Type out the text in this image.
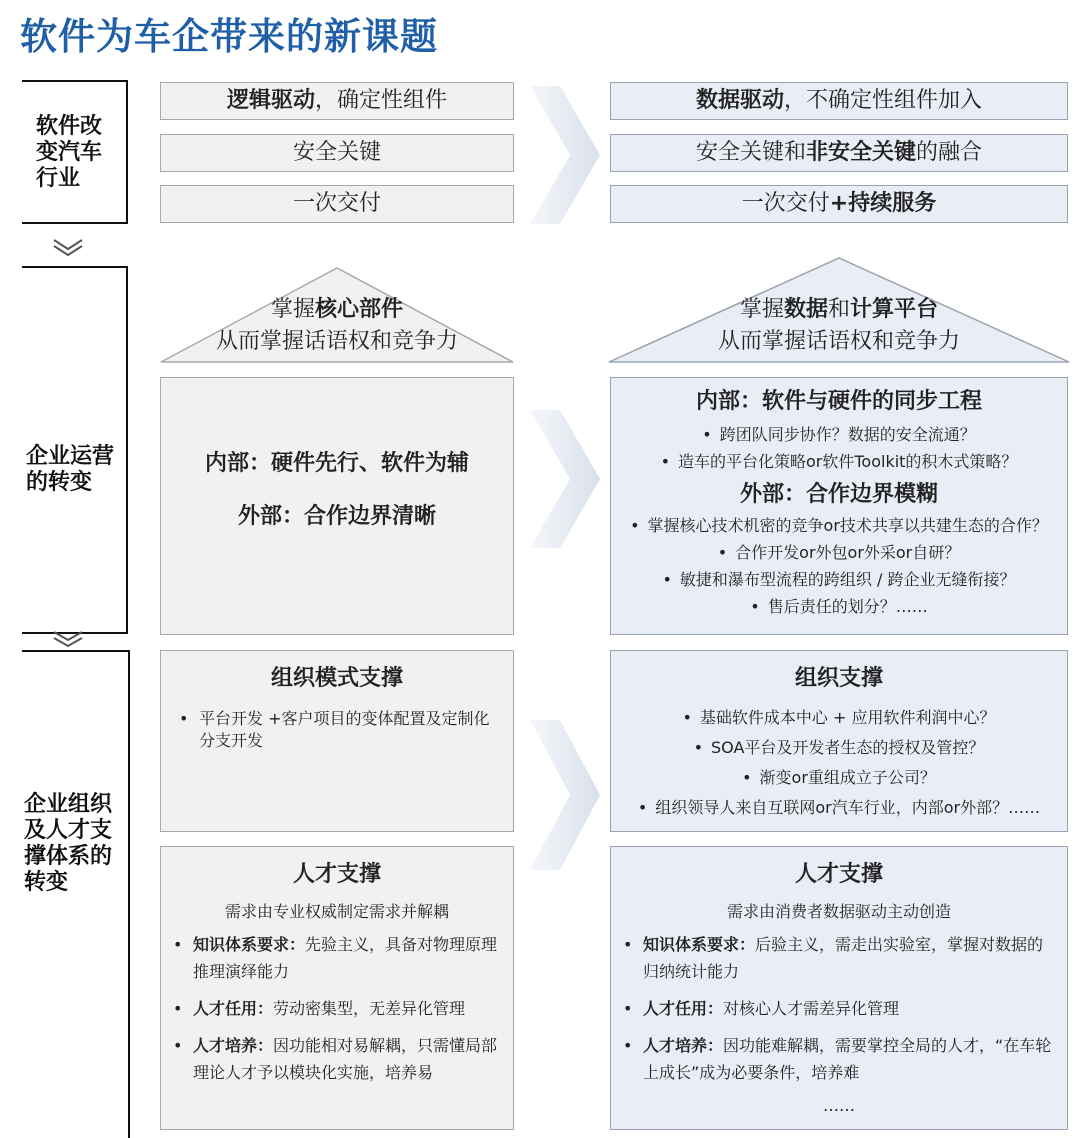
软件为车企带来的新课题
软件改
变汽车
行业
企业运营
的转变
企业组织
及人才支
撑体系的
转变
逻辑驱动，确定性组件
安全关键
一次交付
数据驱动，不确定性组件加入
安全关键和非安全关键的融合
一次交付+持续服务
掌握核心部件
从而掌握话语权和竞争力
掌握数据和计算平台
从而掌握话语权和竞争力
内部：硬件先行、软件为辅
外部：合作边界清晰
内部：软件与硬件的同步工程
• 跨团队同步协作？数据的安全流通？
• 造车的平台化策略or软件Toolkit的积木式策略？
外部：合作边界模糊
• 掌握核心技术机密的竞争or技术共享以共建生态的合作？
• 合作开发or外包or外采or自研？
• 敏捷和瀑布型流程的跨组织 / 跨企业无缝衔接？
• 售后责任的划分？……
组织模式支撑
• 平台开发 +客户项目的变体配置及定制化分支开发
组织支撑
• 基础软件成本中心 + 应用软件利润中心？
• SOA平台及开发者生态的授权及管控？
• 渐变or重组成立子公司？
• 组织领导人来自互联网or汽车行业，内部or外部？……
人才支撑
需求由专业权威制定需求并解耦
• 知识体系要求：先验主义，具备对物理原理推理演绎能力
• 人才任用：劳动密集型，无差异化管理
• 人才培养：因功能相对易解耦，只需懂局部理论人才予以模块化实施，培养易
人才支撑
需求由消费者数据驱动主动创造
• 知识体系要求：后验主义，需走出实验室，掌握对数据的归纳统计能力
• 人才任用：对核心人才需差异化管理
• 人才培养：因功能难解耦，需要掌控全局的人才，“在车轮上成长”成为必要条件，培养难
……
